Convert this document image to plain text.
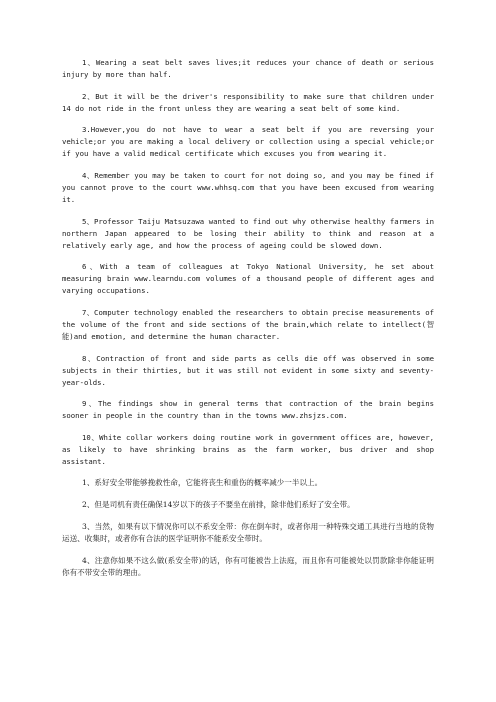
1、Wearing a seat belt saves lives;it reduces your chance of death or serious injury by more than half.

2、But it will be the driver's responsibility to make sure that children under 14 do not ride in the front unless they are wearing a seat belt of some kind.

3.However,you do not have to wear a seat belt if you are reversing your vehicle;or you are making a local delivery or collection using a special vehicle;or if you have a valid medical certificate which excuses you from wearing it.

4、Remember you may be taken to court for not doing so, and you may be fined if you cannot prove to the court www.whhsq.com that you have been excused from wearing it.

5、Professor Taiju Matsuzawa wanted to find out why otherwise healthy farmers in northern Japan appeared to be losing their ability to think and reason at a relatively early age, and how the process of ageing could be slowed down.

6、With a team of colleagues at Tokyo National University, he set about measuring brain www.learndu.com volumes of a thousand people of different ages and varying occupations.

7、Computer technology enabled the researchers to obtain precise measurements of the volume of the front and side sections of the brain,which relate to intellect(智能)and emotion, and determine the human character.

8、Contraction of front and side parts as cells die off was observed in some subjects in their thirties, but it was still not evident in some sixty and seventy-year-olds.

9、The findings show in general terms that contraction of the brain begins sooner in people in the country than in the towns www.zhsjzs.com.

10、White collar workers doing routine work in government offices are, however, as likely to have shrinking brains as the farm worker, bus driver and shop assistant.

1、系好安全带能够挽救性命，它能将丧生和重伤的概率减少一半以上。

2、但是司机有责任确保14岁以下的孩子不要坐在前排，除非他们系好了安全带。

3、当然，如果有以下情况你可以不系安全带：你在倒车时，或者你用一种特殊交通工具进行当地的货物运送、收集时，或者你有合法的医学证明你不能系安全带时。

4、注意你如果不这么做(系安全带)的话，你有可能被告上法庭，而且你有可能被处以罚款除非你能证明你有不带安全带的理由。
